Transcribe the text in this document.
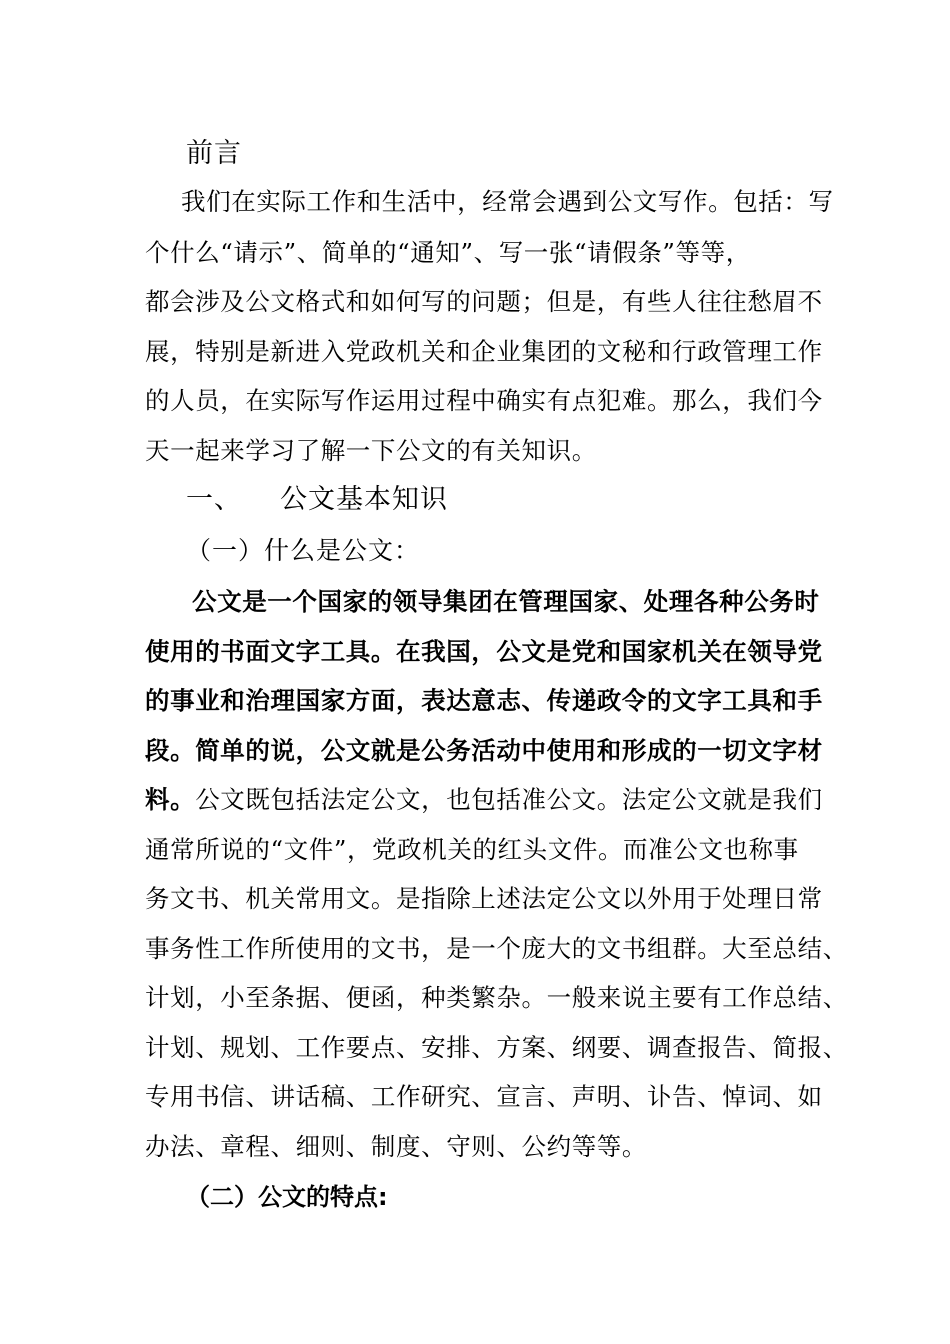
前言
我们在实际工作和生活中，经常会遇到公文写作。包括：写
个什么“请示”、简单的“通知”、写一张“请假条”等等，
都会涉及公文格式和如何写的问题；但是，有些人往往愁眉不
展，特别是新进入党政机关和企业集团的文秘和行政管理工作
的人员，在实际写作运用过程中确实有点犯难。那么，我们今
天一起来学习了解一下公文的有关知识。
一、 公文基本知识
（一）什么是公文：
公文是一个国家的领导集团在管理国家、处理各种公务时
使用的书面文字工具。在我国，公文是党和国家机关在领导党
的事业和治理国家方面，表达意志、传递政令的文字工具和手
段。简单的说，公文就是公务活动中使用和形成的一切文字材
料。公文既包括法定公文，也包括准公文。法定公文就是我们
通常所说的“文件”，党政机关的红头文件。而准公文也称事
务文书、机关常用文。是指除上述法定公文以外用于处理日常
事务性工作所使用的文书，是一个庞大的文书组群。大至总结、
计划，小至条据、便函，种类繁杂。一般来说主要有工作总结、
计划、规划、工作要点、安排、方案、纲要、调查报告、简报、
专用书信、讲话稿、工作研究、宣言、声明、讣告、悼词、如
办法、章程、细则、制度、守则、公约等等。
（二）公文的特点:
